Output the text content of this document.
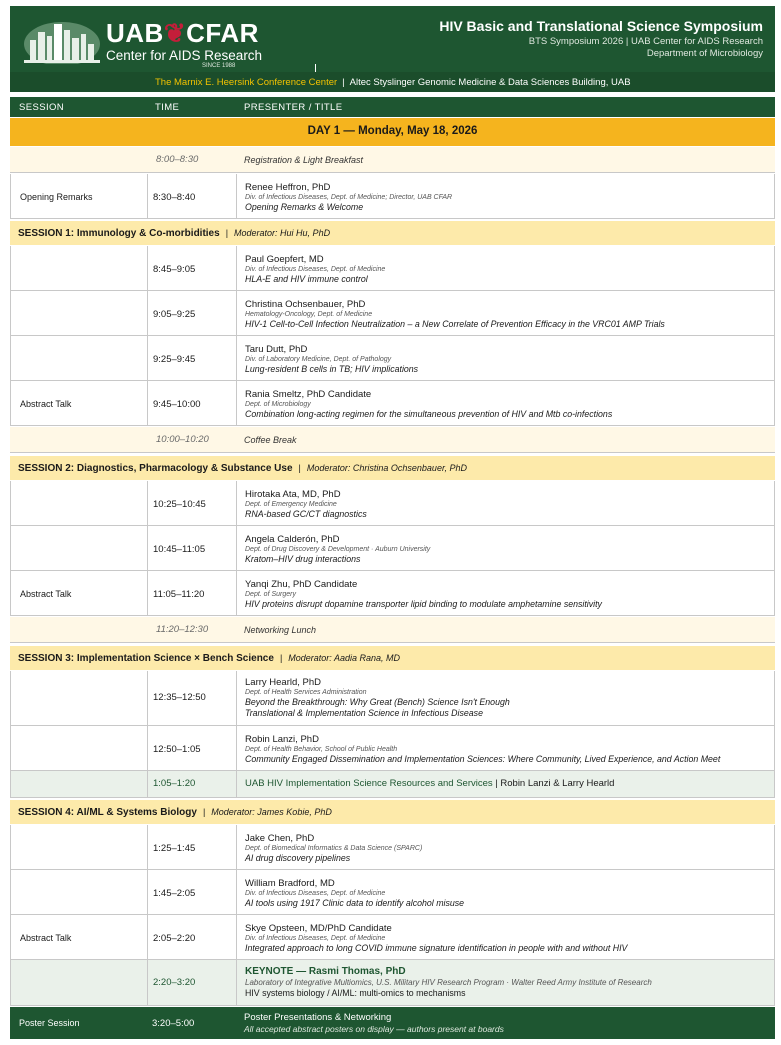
UAB❦CFAR
Center for AIDS Research
SINCE 1988
HIV Basic and Translational Science Symposium
BTS Symposium 2026 | UAB Center for AIDS Research
Department of Microbiology
The Marnix E. Heersink Conference Center | Altec Styslinger Genomic Medicine & Data Sciences Building, UAB
SESSION	TIME	PRESENTER / TITLE
DAY 1 — Monday, May 18, 2026
8:00–8:30	Registration & Light Breakfast
Opening Remarks	8:30–8:40
Renee Heffron, PhD
Div. of Infectious Diseases, Dept. of Medicine; Director, UAB CFAR
Opening Remarks & Welcome
SESSION 1: Immunology & Co-morbidities | Moderator: Hui Hu, PhD
8:45–9:05
Paul Goepfert, MD
Div. of Infectious Diseases, Dept. of Medicine
HLA-E and HIV immune control
9:05–9:25
Christina Ochsenbauer, PhD
Hematology-Oncology, Dept. of Medicine
HIV-1 Cell-to-Cell Infection Neutralization – a New Correlate of Prevention Efficacy in the VRC01 AMP Trials
9:25–9:45
Taru Dutt, PhD
Div. of Laboratory Medicine, Dept. of Pathology
Lung-resident B cells in TB; HIV implications
Abstract Talk	9:45–10:00
Rania Smeltz, PhD Candidate
Dept. of Microbiology
Combination long-acting regimen for the simultaneous prevention of HIV and Mtb co-infections
10:00–10:20	Coffee Break
SESSION 2: Diagnostics, Pharmacology & Substance Use | Moderator: Christina Ochsenbauer, PhD
10:25–10:45
Hirotaka Ata, MD, PhD
Dept. of Emergency Medicine
RNA-based GC/CT diagnostics
10:45–11:05
Angela Calderón, PhD
Dept. of Drug Discovery & Development · Auburn University
Kratom–HIV drug interactions
Abstract Talk	11:05–11:20
Yanqi Zhu, PhD Candidate
Dept. of Surgery
HIV proteins disrupt dopamine transporter lipid binding to modulate amphetamine sensitivity
11:20–12:30	Networking Lunch
SESSION 3: Implementation Science × Bench Science | Moderator: Aadia Rana, MD
12:35–12:50
Larry Hearld, PhD
Dept. of Health Services Administration
Beyond the Breakthrough: Why Great (Bench) Science Isn't Enough
Translational & Implementation Science in Infectious Disease
12:50–1:05
Robin Lanzi, PhD
Dept. of Health Behavior, School of Public Health
Community Engaged Dissemination and Implementation Sciences: Where Community, Lived Experience, and Action Meet
1:05–1:20	UAB HIV Implementation Science Resources and Services | Robin Lanzi & Larry Hearld
SESSION 4: AI/ML & Systems Biology | Moderator: James Kobie, PhD
1:25–1:45
Jake Chen, PhD
Dept. of Biomedical Informatics & Data Science (SPARC)
AI drug discovery pipelines
1:45–2:05
William Bradford, MD
Div. of Infectious Diseases, Dept. of Medicine
AI tools using 1917 Clinic data to identify alcohol misuse
Abstract Talk	2:05–2:20
Skye Opsteen, MD/PhD Candidate
Div. of Infectious Diseases, Dept. of Medicine
Integrated approach to long COVID immune signature identification in people with and without HIV
2:20–3:20
KEYNOTE — Rasmi Thomas, PhD
Laboratory of Integrative Multiomics, U.S. Military HIV Research Program · Walter Reed Army Institute of Research
HIV systems biology / AI/ML: multi-omics to mechanisms
Poster Session	3:20–5:00
Poster Presentations & Networking
All accepted abstract posters on display — authors present at boards
